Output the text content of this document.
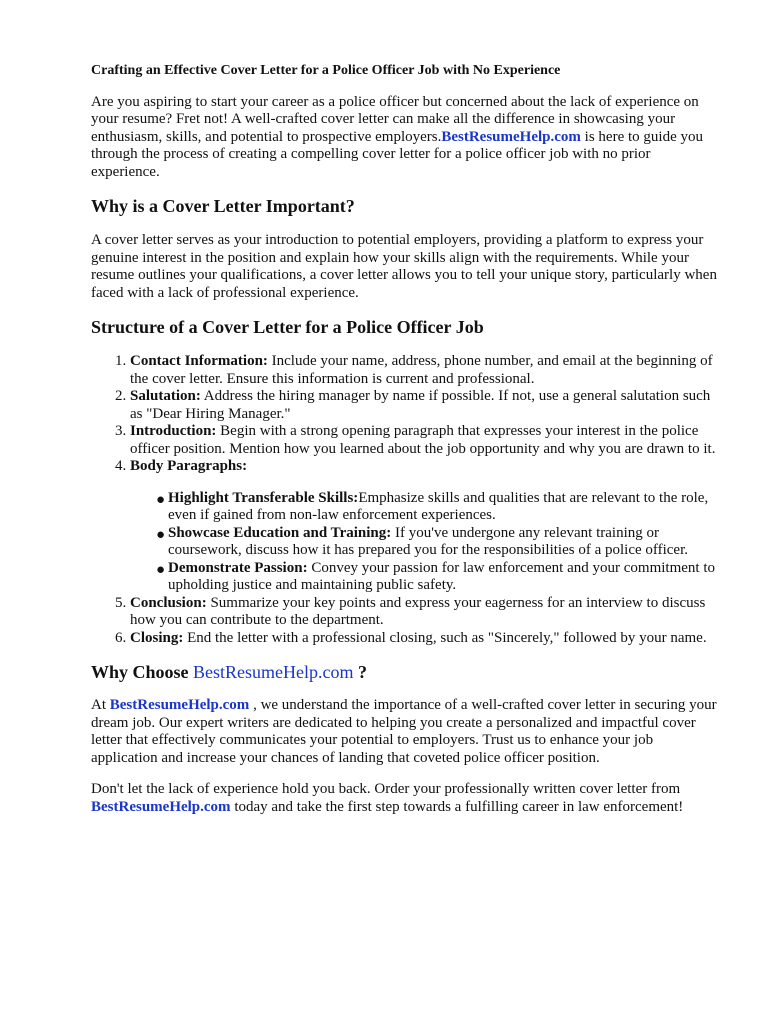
Crafting an Effective Cover Letter for a Police Officer Job with No Experience

Are you aspiring to start your career as a police officer but concerned about the lack of experience on your resume? Fret not! A well-crafted cover letter can make all the difference in showcasing your enthusiasm, skills, and potential to prospective employers.BestResumeHelp.com is here to guide you through the process of creating a compelling cover letter for a police officer job with no prior experience.

Why is a Cover Letter Important?

A cover letter serves as your introduction to potential employers, providing a platform to express your genuine interest in the position and explain how your skills align with the requirements. While your resume outlines your qualifications, a cover letter allows you to tell your unique story, particularly when faced with a lack of professional experience.

Structure of a Cover Letter for a Police Officer Job
1. Contact Information: Include your name, address, phone number, and email at the beginning of the cover letter. Ensure this information is current and professional.
2. Salutation: Address the hiring manager by name if possible. If not, use a general salutation such as "Dear Hiring Manager."
3. Introduction: Begin with a strong opening paragraph that expresses your interest in the police officer position. Mention how you learned about the job opportunity and why you are drawn to it.
4. Body Paragraphs:
● Highlight Transferable Skills:Emphasize skills and qualities that are relevant to the role, even if gained from non-law enforcement experiences.
● Showcase Education and Training: If you've undergone any relevant training or coursework, discuss how it has prepared you for the responsibilities of a police officer.
● Demonstrate Passion: Convey your passion for law enforcement and your commitment to upholding justice and maintaining public safety.
5. Conclusion: Summarize your key points and express your eagerness for an interview to discuss how you can contribute to the department.
6. Closing: End the letter with a professional closing, such as "Sincerely," followed by your name.
Why Choose BestResumeHelp.com ?

At BestResumeHelp.com , we understand the importance of a well-crafted cover letter in securing your dream job. Our expert writers are dedicated to helping you create a personalized and impactful cover letter that effectively communicates your potential to employers. Trust us to enhance your job application and increase your chances of landing that coveted police officer position.

Don't let the lack of experience hold you back. Order your professionally written cover letter from BestResumeHelp.com today and take the first step towards a fulfilling career in law enforcement!
